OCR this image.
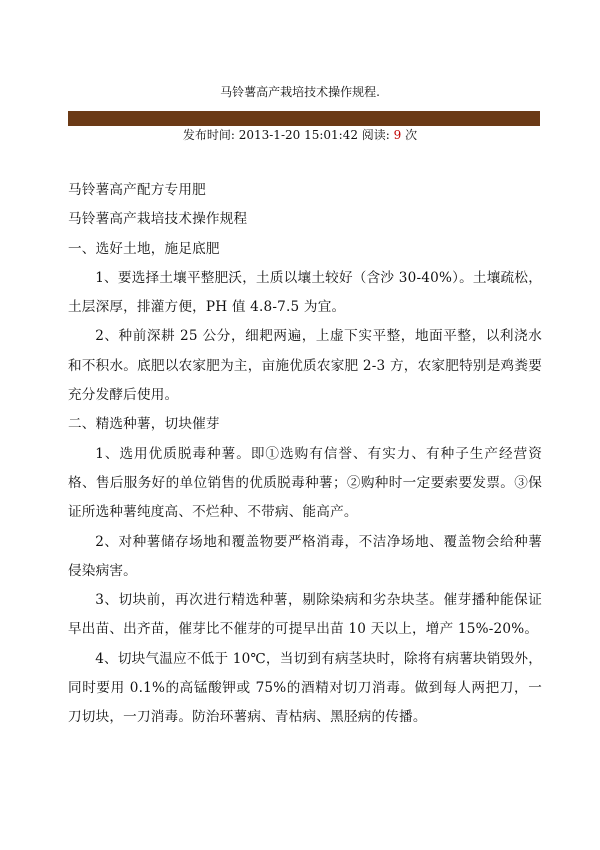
马铃薯高产栽培技术操作规程.
发布时间: 2013-1-20 15:01:42 阅读: 9 次
马铃薯高产配方专用肥
马铃薯高产栽培技术操作规程
一、选好土地，施足底肥

1、要选择土壤平整肥沃，土质以壤土较好（含沙 30-40%）。土壤疏松，土层深厚，排灌方便，PH 值 4.8-7.5 为宜。

2、种前深耕 25 公分，细耙两遍，上虚下实平整，地面平整，以利浇水和不积水。底肥以农家肥为主，亩施优质农家肥 2-3 方，农家肥特别是鸡粪要充分发酵后使用。

二、精选种薯，切块催芽

1、选用优质脱毒种薯。即①选购有信誉、有实力、有种子生产经营资格、售后服务好的单位销售的优质脱毒种薯；②购种时一定要索要发票。③保证所选种薯纯度高、不烂种、不带病、能高产。

2、对种薯储存场地和覆盖物要严格消毒，不洁净场地、覆盖物会给种薯侵染病害。

3、切块前，再次进行精选种薯，剔除染病和劣杂块茎。催芽播种能保证早出苗、出齐苗，催芽比不催芽的可提早出苗 10 天以上，增产 15%-20%。

4、切块气温应不低于 10℃，当切到有病茎块时，除将有病薯块销毁外，同时要用 0.1%的高锰酸钾或 75%的酒精对切刀消毒。做到每人两把刀，一刀切块，一刀消毒。防治环薯病、青枯病、黑胫病的传播。
